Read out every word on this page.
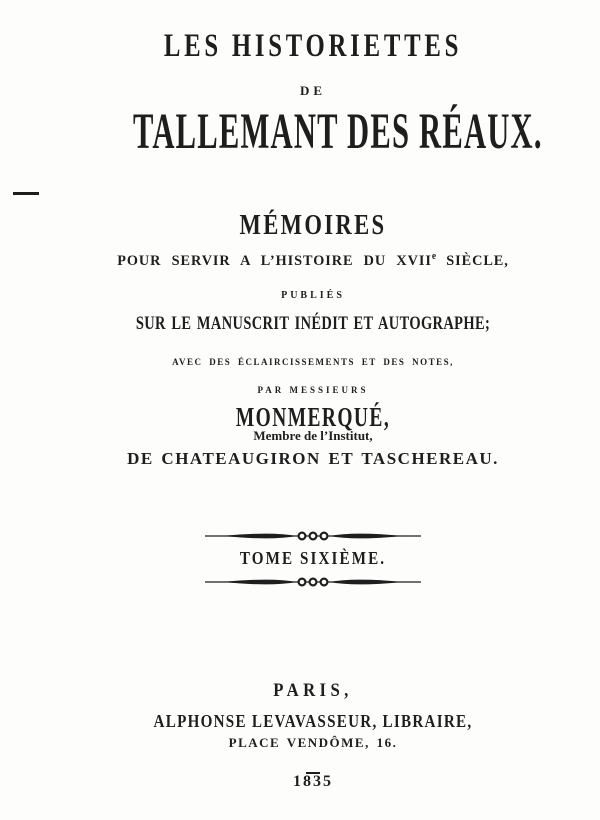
LES HISTORIETTES
DE
TALLEMANT DES RÉAUX.
MÉMOIRES
POUR SERVIR A L’HISTOIRE DU XVIIe SIÈCLE,
PUBLIÉS
SUR LE MANUSCRIT INÉDIT ET AUTOGRAPHE;
AVEC DES ÉCLAIRCISSEMENTS ET DES NOTES,
PAR MESSIEURS
MONMERQUÉ,
Membre de l’Institut,
DE CHATEAUGIRON ET TASCHEREAU.
TOME SIXIÈME.
PARIS,
ALPHONSE LEVAVASSEUR, LIBRAIRE,
PLACE VENDÔME, 16.
1835
